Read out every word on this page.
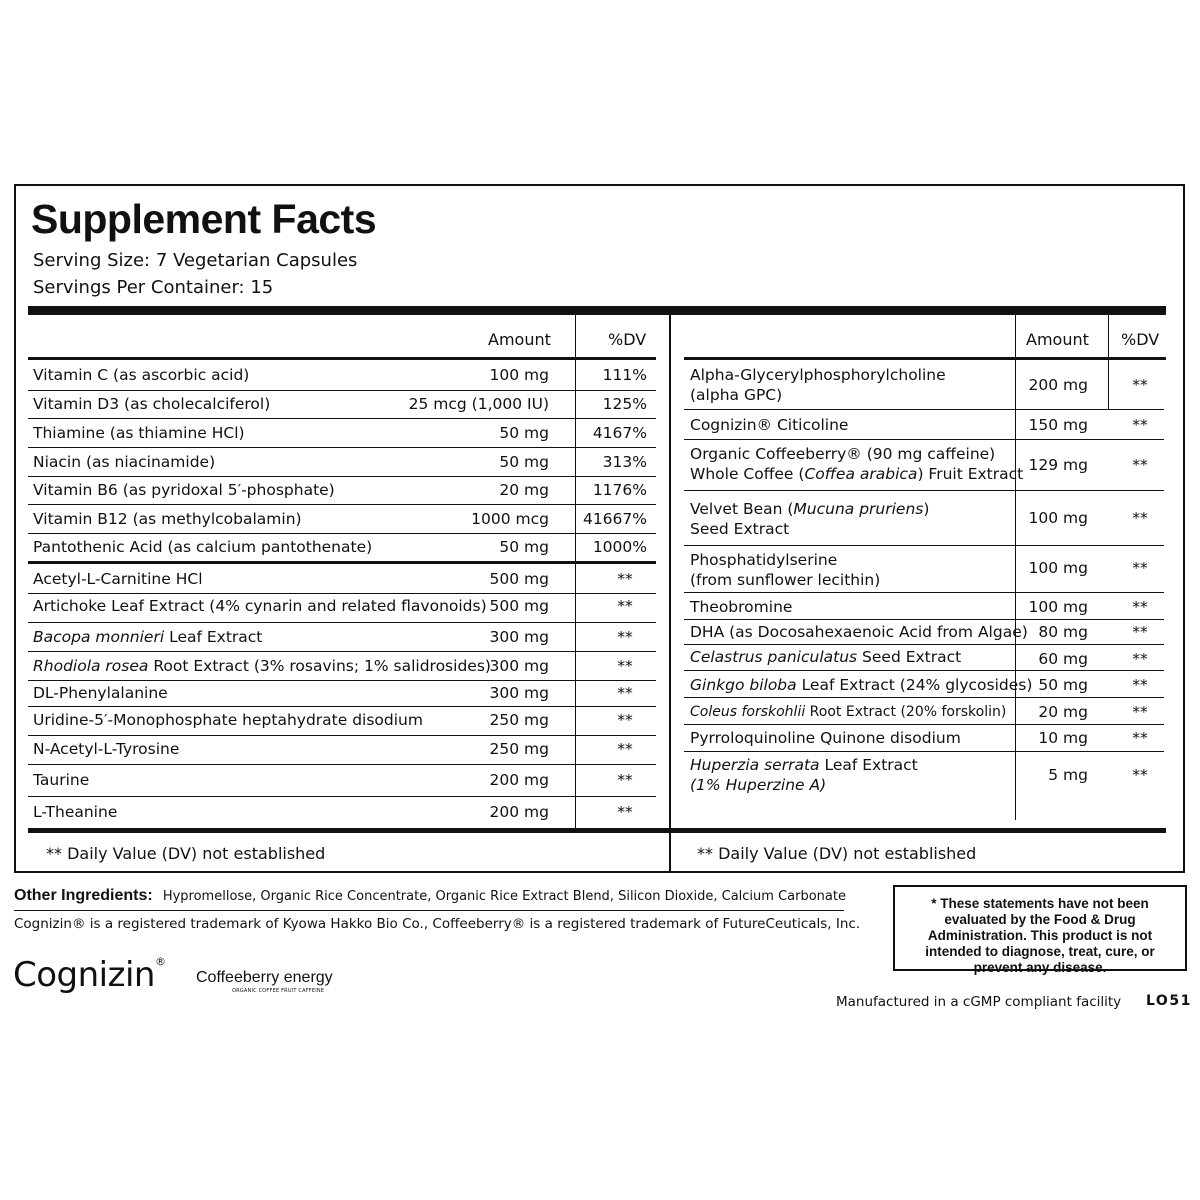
Supplement Facts
Serving Size: 7 Vegetarian Capsules
Servings Per Container: 15
Amount	%DV
Vitamin C (as ascorbic acid)	100 mg	111%
Vitamin D3 (as cholecalciferol)	25 mcg (1,000 IU)	125%
Thiamine (as thiamine HCl)	50 mg	4167%
Niacin (as niacinamide)	50 mg	313%
Vitamin B6 (as pyridoxal 5′-phosphate)	20 mg	1176%
Vitamin B12 (as methylcobalamin)	1000 mcg 41667%
Pantothenic Acid (as calcium pantothenate)	50 mg	1000%
Acetyl-L-Carnitine HCl	500 mg	**
Artichoke Leaf Extract (4% cynarin and related flavonoids) 500 mg	**
Bacopa monnieri Leaf Extract	300 mg	**
Rhodiola rosea Root Extract (3% rosavins; 1% salidrosides)
300 mg	**
DL-Phenylalanine	300 mg	**
Uridine-5′-Monophosphate heptahydrate disodium	250 mg	**
N-Acetyl-L-Tyrosine	250 mg	**
Taurine	200 mg	**
L-Theanine	200 mg	**
Amount %DV
Alpha-Glycerylphosphorylcholine
(alpha GPC)
200 mg	**
Cognizin® Citicoline	150 mg	**
Organic Coffeeberry® (90 mg caffeine)
Whole Coffee (Coffea arabica) Fruit Extract 129 mg	**
Velvet Bean (Mucuna pruriens)
Seed Extract
100 mg	**
Phosphatidylserine
(from sunflower lecithin)
100 mg	**
Theobromine	100 mg	**
DHA (as Docosahexaenoic Acid from Algae) 80 mg	**
Celastrus paniculatus Seed Extract	60 mg	**
Ginkgo biloba Leaf Extract (24% glycosides) 50 mg	**
Coleus forskohlii Root Extract (20% forskolin)	20 mg	**
Pyrroloquinoline Quinone disodium	10 mg	**
Huperzia serrata Leaf Extract
(1% Huperzine A)
5 mg	**
** Daily Value (DV) not established	** Daily Value (DV) not established
Other Ingredients: Hypromellose, Organic Rice Concentrate, Organic Rice Extract Blend, Silicon Dioxide, Calcium Carbonate
Cognizin® is a registered trademark of Kyowa Hakko Bio Co., Coffeeberry® is a registered trademark of FutureCeuticals, Inc.
* These statements have not been evaluated by the Food & Drug Administration. This product is not intended to diagnose, treat, cure, or prevent any disease.
Cognizin®
Coffeeberry energy
ORGANIC COFFEE FRUIT CAFFEINE
Manufactured in a cGMP compliant facility LO51
